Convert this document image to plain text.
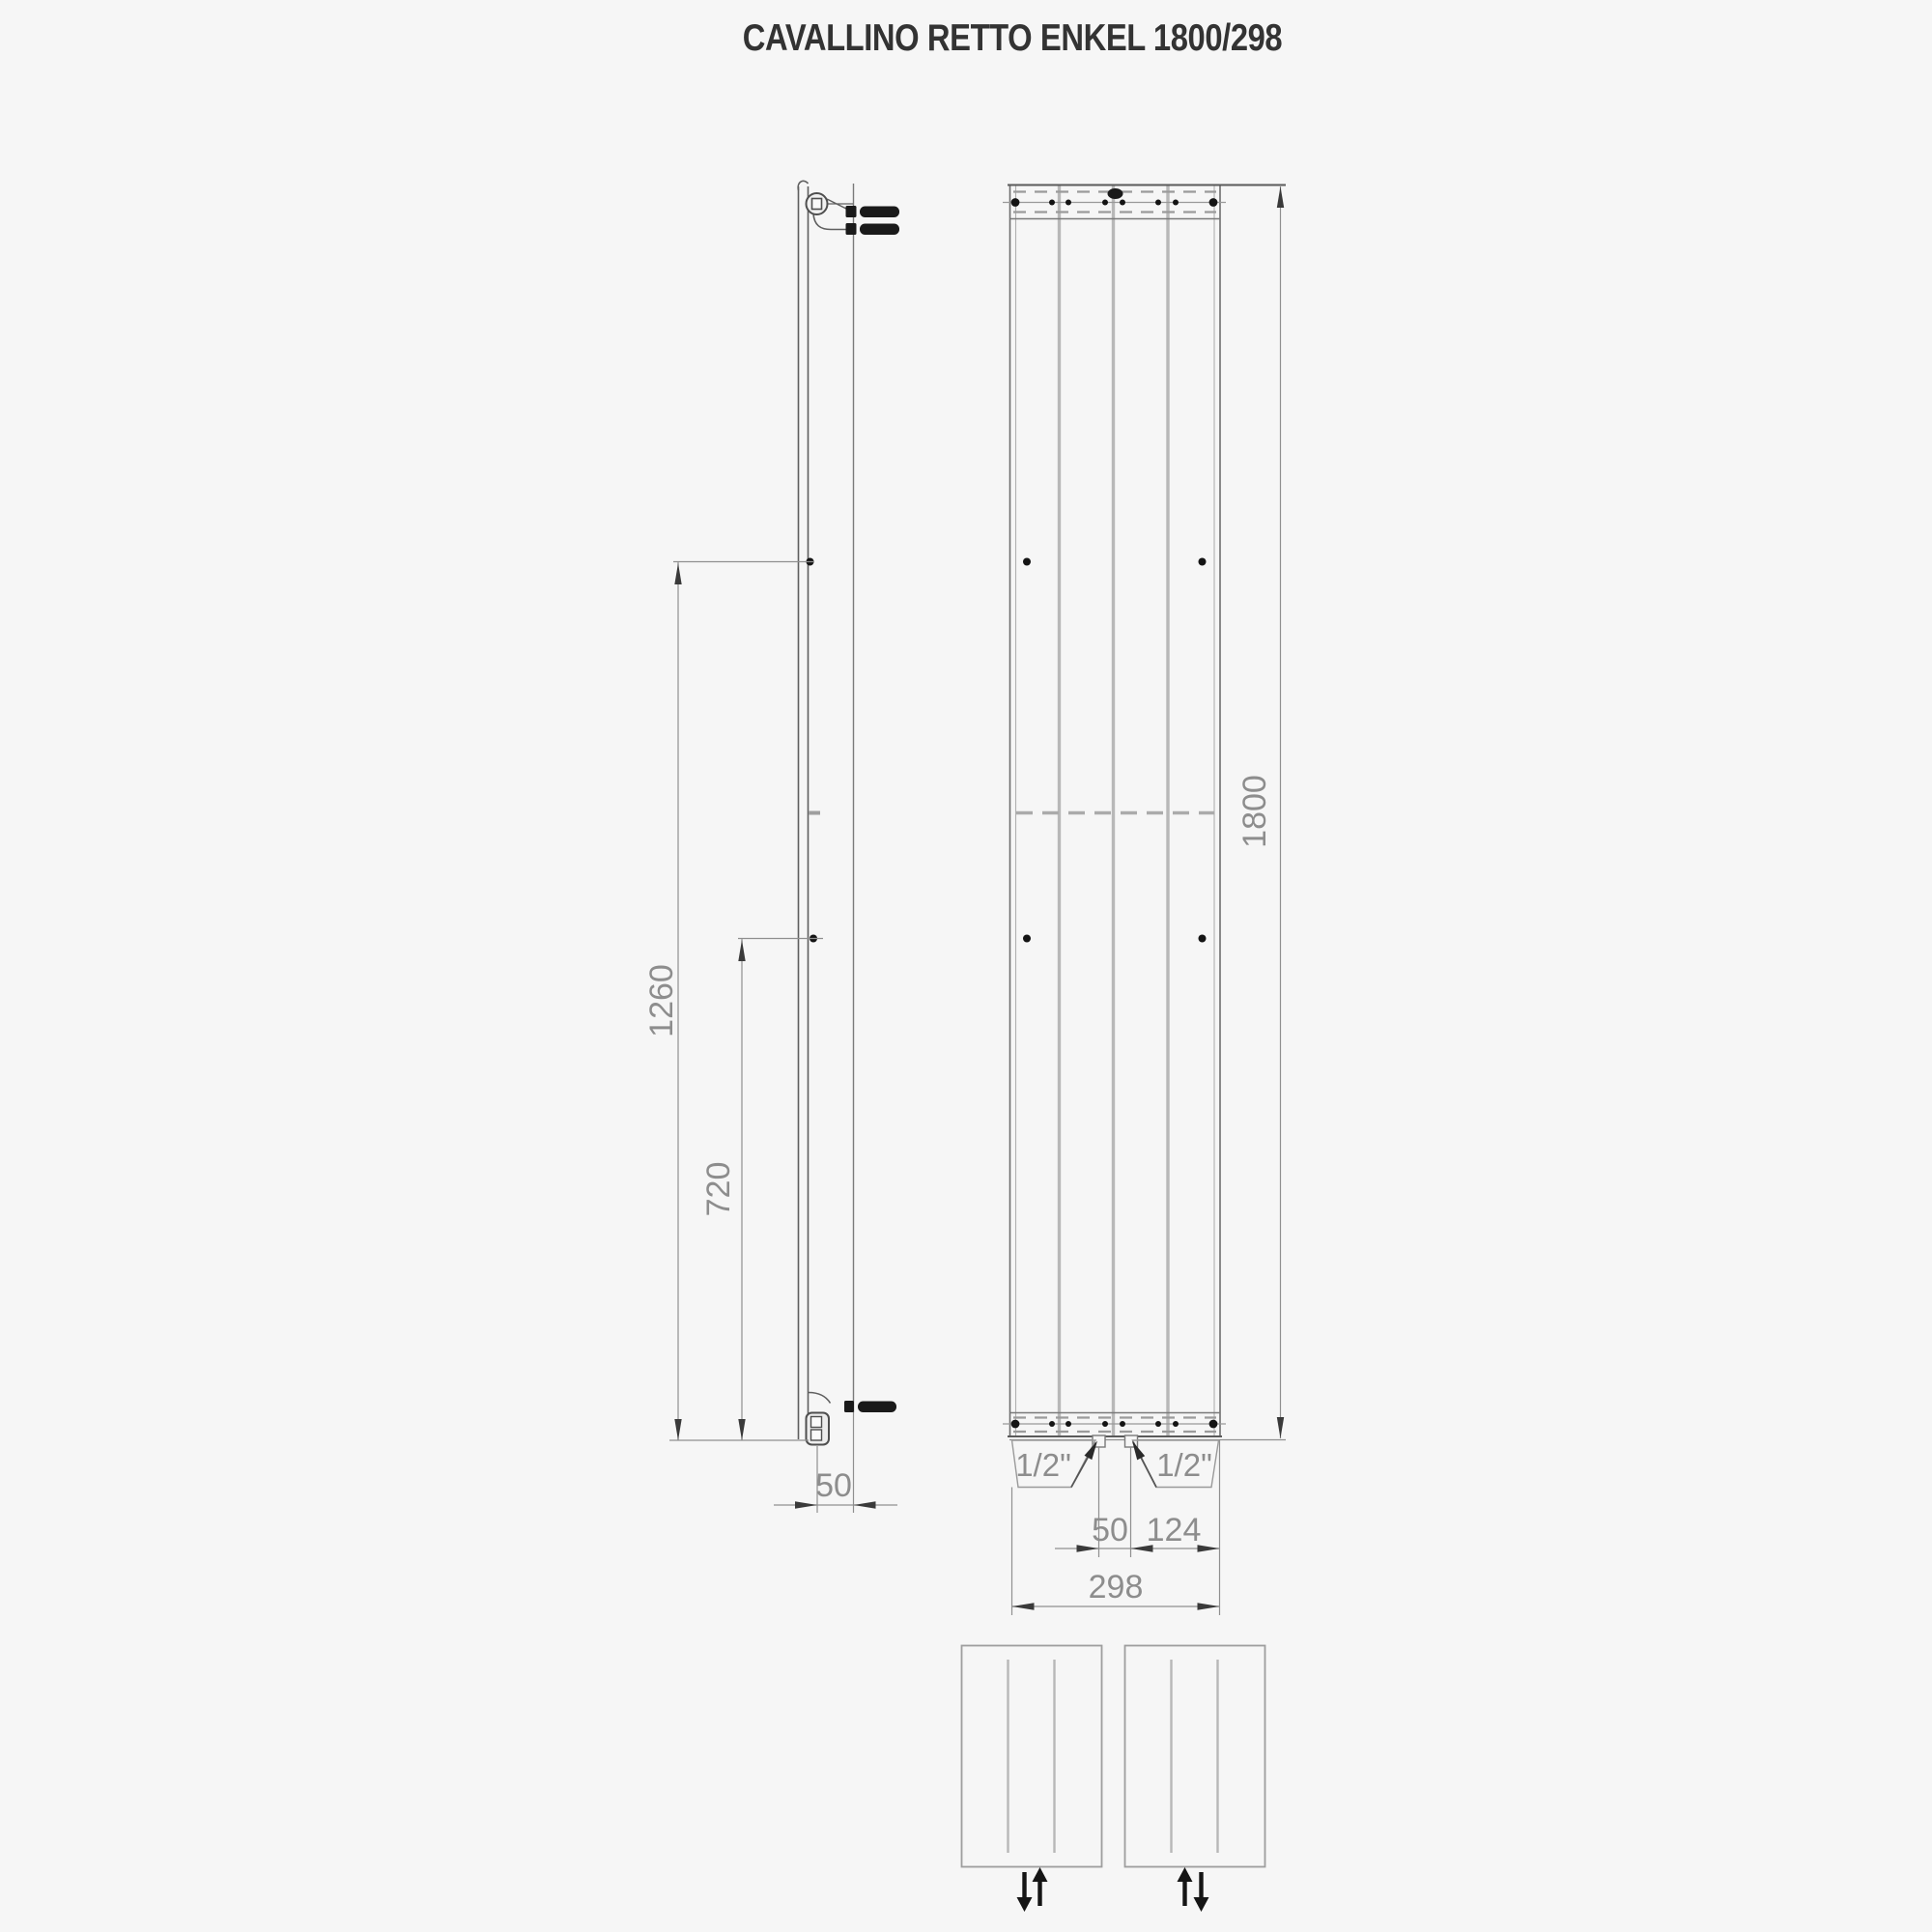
CAVALLINO RETTO ENKEL 1800/298
1260
720
50
1800
1/2"	1/2"
50 124
298
